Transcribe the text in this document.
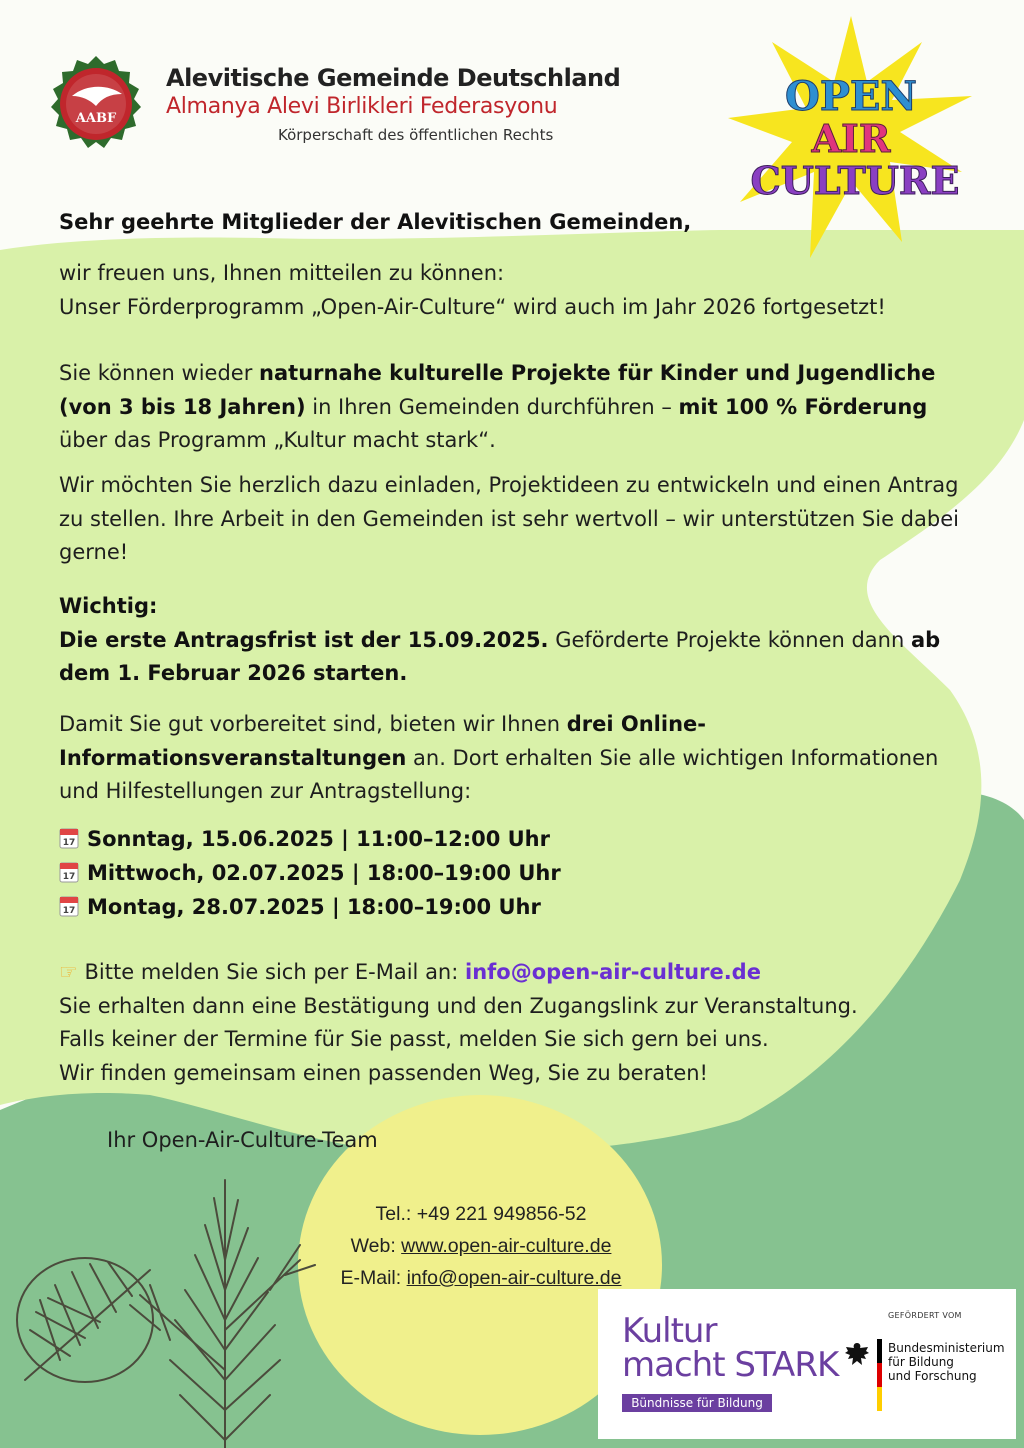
AABF
Alevitische Gemeinde Deutschland
Almanya Alevi Birlikleri Federasyonu
Körperschaft des öffentlichen Rechts
OPEN
AIR
CULTURE
Sehr geehrte Mitglieder der Alevitischen Gemeinden,
wir freuen uns, Ihnen mitteilen zu können:
Unser Förderprogramm „Open-Air-Culture“ wird auch im Jahr 2026 fortgesetzt!
Sie können wieder naturnahe kulturelle Projekte für Kinder und Jugendliche (von 3 bis 18 Jahren) in Ihren Gemeinden durchführen – mit 100 % Förderung über das Programm „Kultur macht stark“.
Wir möchten Sie herzlich dazu einladen, Projektideen zu entwickeln und einen Antrag zu stellen. Ihre Arbeit in den Gemeinden ist sehr wertvoll – wir unterstützen Sie dabei gerne!
Wichtig:
Die erste Antragsfrist ist der 15.09.2025. Geförderte Projekte können dann ab dem 1. Februar 2026 starten.
Damit Sie gut vorbereitet sind, bieten wir Ihnen drei Online-Informationsveranstaltungen an. Dort erhalten Sie alle wichtigen Informationen und Hilfestellungen zur Antragstellung:
17 Sonntag, 15.06.2025 | 11:00–12:00 Uhr
17 Mittwoch, 02.07.2025 | 18:00–19:00 Uhr
17 Montag, 28.07.2025 | 18:00–19:00 Uhr
☞ Bitte melden Sie sich per E-Mail an: info@open-air-culture.de
Sie erhalten dann eine Bestätigung und den Zugangslink zur Veranstaltung.
Falls keiner der Termine für Sie passt, melden Sie sich gern bei uns.
Wir finden gemeinsam einen passenden Weg, Sie zu beraten!
Ihr Open-Air-Culture-Team
Tel.: +49 221 949856-52
Web: www.open-air-culture.de
E-Mail: info@open-air-culture.de
Kultur
macht STARK
Bündnisse für Bildung
GEFÖRDERT VOM
Bundesministerium
für Bildung
und Forschung
